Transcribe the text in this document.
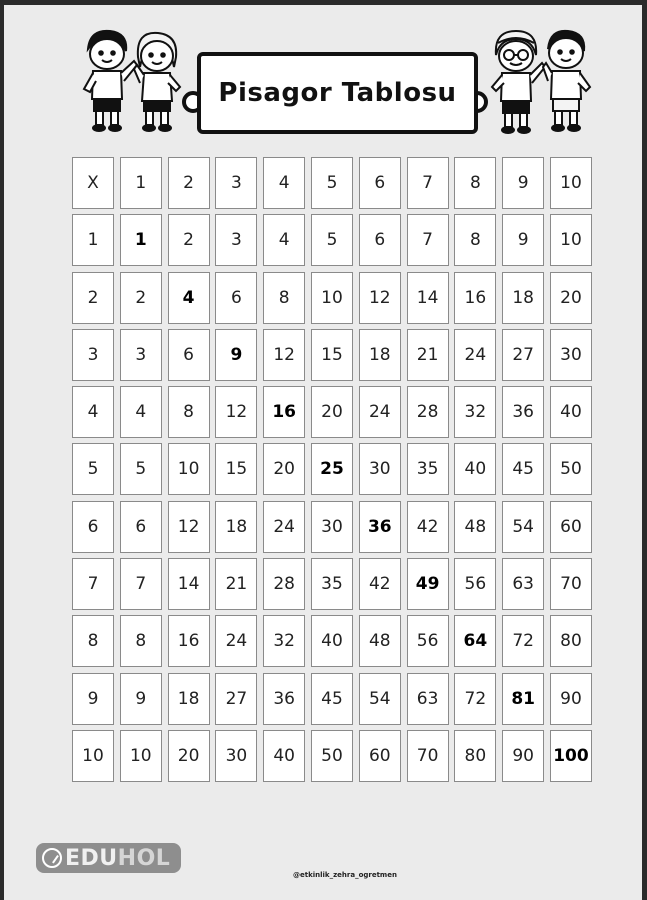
Pisagor Tablosu
X	1	2	3	4	5	6	7	8	9	10
1	1	2	3	4	5	6	7	8	9	10
2	2	4	6	8	10	12	14	16	18	20
3	3	6	9	12	15	18	21	24	27	30
4	4	8	12	16	20	24	28	32	36	40
5	5	10	15	20	25	30	35	40	45	50
6	6	12	18	24	30	36	42	48	54	60
7	7	14	21	28	35	42	49	56	63	70
8	8	16	24	32	40	48	56	64	72	80
9	9	18	27	36	45	54	63	72	81	90
10	10	20	30	40	50	60	70	80	90	100
EDUHOL
@etkinlik_zehra_ogretmen
